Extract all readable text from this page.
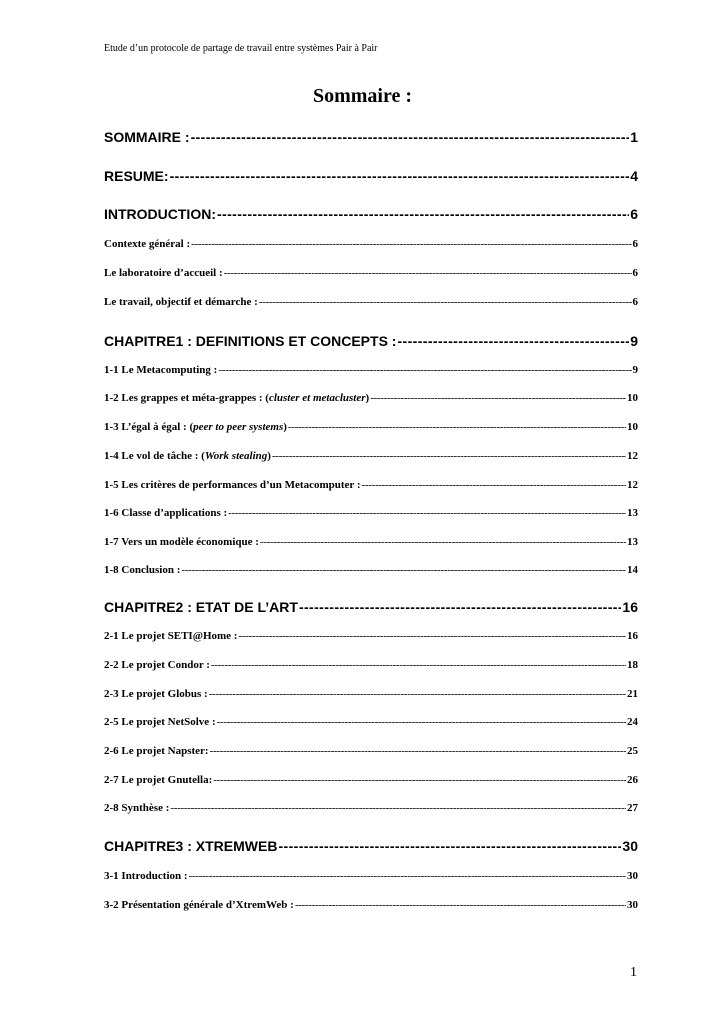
Etude d’un protocole de partage de travail entre systèmes Pair à Pair
Sommaire :
SOMMAIRE : -----	1
RESUME: -----	4
INTRODUCTION: -----	6
Contexte général : -----	6
Le laboratoire d’accueil : -----	6
Le travail, objectif et démarche : -----	6
CHAPITRE1 : DEFINITIONS ET CONCEPTS : -----	9
1-1 Le Metacomputing : -----	9
1-2 Les grappes et méta-grappes : (cluster et metacluster) -----	10
1-3 L’égal à égal : (peer to peer systems) -----	10
1-4 Le vol de tâche : (Work stealing) -----	12
1-5 Les critères de performances d’un Metacomputer : -----	12
1-6 Classe d’applications : -----	13
1-7 Vers un modèle économique : -----	13
1-8 Conclusion : -----	14
CHAPITRE2 : ETAT DE L’ART -----	16
2-1 Le projet SETI@Home : -----	16
2-2 Le projet Condor : -----	18
2-3 Le projet Globus : -----	21
2-5 Le projet NetSolve : -----	24
2-6 Le projet Napster: -----	25
2-7 Le projet Gnutella: -----	26
2-8 Synthèse : -----	27
CHAPITRE3 : XTREMWEB -----	30
3-1 Introduction : -----	30
3-2 Présentation générale d’XtremWeb : -----	30
1
